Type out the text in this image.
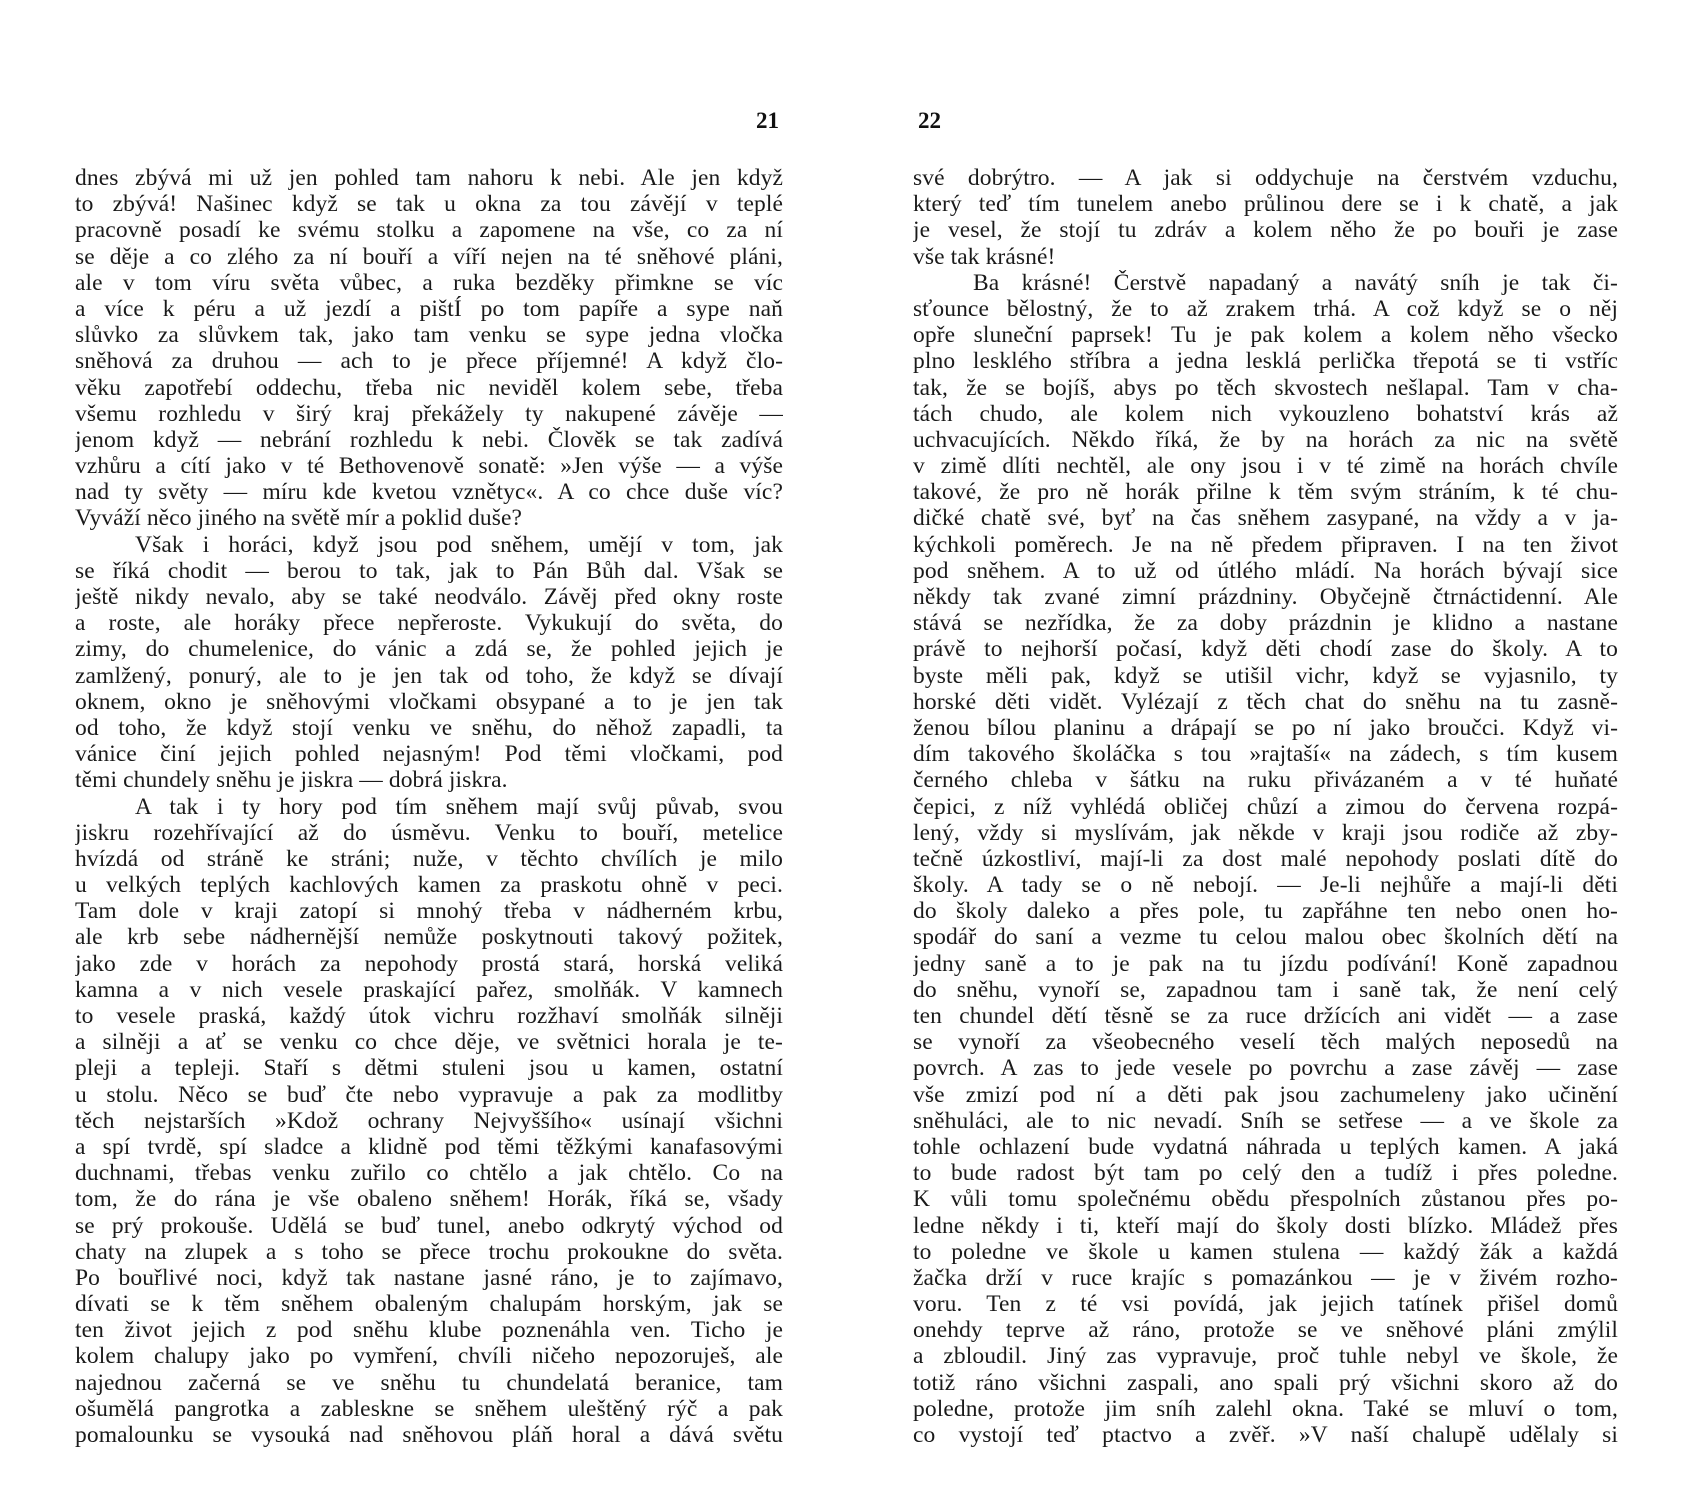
21
dnes zbývá mi už jen pohled tam nahoru k nebi. Ale jen když
to zbývá! Našinec když se tak u okna za tou závějí v teplé
pracovně posadí ke svému stolku a zapomene na vše, co za ní
se děje a co zlého za ní bouří a víří nejen na té sněhové pláni,
ale v tom víru světa vůbec, a ruka bezděky přimkne se víc
a více k péru a už jezdí a pištÍ po tom papíře a sype naň
slůvko za slůvkem tak, jako tam venku se sype jedna vločka
sněhová za druhou — ach to je přece příjemné! A když člo-
věku zapotřebí oddechu, třeba nic neviděl kolem sebe, třeba
všemu rozhledu v širý kraj překážely ty nakupené závěje —
jenom když — nebrání rozhledu k nebi. Člověk se tak zadívá
vzhůru a cítí jako v té Bethovenově sonatě: »Jen výše — a výše
nad ty světy — míru kde kvetou vznětyc«. A co chce duše víc?
Vyváží něco jiného na světě mír a poklid duše?
Však i horáci, když jsou pod sněhem, umějí v tom, jak
se říká chodit — berou to tak, jak to Pán Bůh dal. Však se
ještě nikdy nevalo, aby se také neodválo. Závěj před okny roste
a roste, ale horáky přece nepřeroste. Vykukují do světa, do
zimy, do chumelenice, do vánic a zdá se, že pohled jejich je
zamlžený, ponurý, ale to je jen tak od toho, že když se dívají
oknem, okno je sněhovými vločkami obsypané a to je jen tak
od toho, že když stojí venku ve sněhu, do něhož zapadli, ta
vánice činí jejich pohled nejasným! Pod těmi vločkami, pod
těmi chundely sněhu je jiskra — dobrá jiskra.
A tak i ty hory pod tím sněhem mají svůj půvab, svou
jiskru rozehřívající až do úsměvu. Venku to bouří, metelice
hvízdá od stráně ke stráni; nuže, v těchto chvílích je milo
u velkých teplých kachlových kamen za praskotu ohně v peci.
Tam dole v kraji zatopí si mnohý třeba v nádherném krbu,
ale krb sebe nádhernější nemůže poskytnouti takový požitek,
jako zde v horách za nepohody prostá stará, horská veliká
kamna a v nich vesele praskající pařez, smolňák. V kamnech
to vesele praská, každý útok vichru rozžhaví smolňák silněji
a silněji a ať se venku co chce děje, ve světnici horala je te-
pleji a tepleji. Staří s dětmi stuleni jsou u kamen, ostatní
u stolu. Něco se buď čte nebo vypravuje a pak za modlitby
těch nejstarších »Kdož ochrany Nejvyššího« usínají všichni
a spí tvrdě, spí sladce a klidně pod těmi těžkými kanafasovými
duchnami, třebas venku zuřilo co chtělo a jak chtělo. Co na
tom, že do rána je vše obaleno sněhem! Horák, říká se, všady
se prý prokouše. Udělá se buď tunel, anebo odkrytý východ od
chaty na zlupek a s toho se přece trochu prokoukne do světa.
Po bouřlivé noci, když tak nastane jasné ráno, je to zajímavo,
dívati se k těm sněhem obaleným chalupám horským, jak se
ten život jejich z pod sněhu klube poznenáhla ven. Ticho je
kolem chalupy jako po vymření, chvíli ničeho nepozoruješ, ale
najednou začerná se ve sněhu tu chundelatá beranice, tam
ošumělá pangrotka a zableskne se sněhem uleštěný rýč a pak
pomalounku se vysouká nad sněhovou pláň horal a dává světu
22
své dobrýtro. — A jak si oddychuje na čerstvém vzduchu,
který teď tím tunelem anebo průlinou dere se i k chatě, a jak
je vesel, že stojí tu zdráv a kolem něho že po bouři je zase
vše tak krásné!
Ba krásné! Čerstvě napadaný a navátý sníh je tak či-
sťounce bělostný, že to až zrakem trhá. A což když se o něj
opře sluneční paprsek! Tu je pak kolem a kolem něho všecko
plno lesklého stříbra a jedna lesklá perlička třepotá se ti vstříc
tak, že se bojíš, abys po těch skvostech nešlapal. Tam v cha-
tách chudo, ale kolem nich vykouzleno bohatství krás až
uchvacujících. Někdo říká, že by na horách za nic na světě
v zimě dlíti nechtěl, ale ony jsou i v té zimě na horách chvíle
takové, že pro ně horák přilne k těm svým stráním, k té chu-
dičké chatě své, byť na čas sněhem zasypané, na vždy a v ja-
kýchkoli poměrech. Je na ně předem připraven. I na ten život
pod sněhem. A to už od útlého mládí. Na horách bývají sice
někdy tak zvané zimní prázdniny. Obyčejně čtrnáctidenní. Ale
stává se nezřídka, že za doby prázdnin je klidno a nastane
právě to nejhorší počasí, když děti chodí zase do školy. A to
byste měli pak, když se utišil vichr, když se vyjasnilo, ty
horské děti vidět. Vylézají z těch chat do sněhu na tu zasně-
ženou bílou planinu a drápají se po ní jako broučci. Když vi-
dím takového školáčka s tou »rajtaší« na zádech, s tím kusem
černého chleba v šátku na ruku přivázaném a v té huňaté
čepici, z níž vyhlédá obličej chůzí a zimou do červena rozpá-
lený, vždy si myslívám, jak někde v kraji jsou rodiče až zby-
tečně úzkostliví, mají-li za dost malé nepohody poslati dítě do
školy. A tady se o ně nebojí. — Je-li nejhůře a mají-li děti
do školy daleko a přes pole, tu zapřáhne ten nebo onen ho-
spodář do saní a vezme tu celou malou obec školních dětí na
jedny saně a to je pak na tu jízdu podívání! Koně zapadnou
do sněhu, vynoří se, zapadnou tam i saně tak, že není celý
ten chundel dětí těsně se za ruce držících ani vidět — a zase
se vynoří za všeobecného veselí těch malých neposedů na
povrch. A zas to jede vesele po povrchu a zase závěj — zase
vše zmizí pod ní a děti pak jsou zachumeleny jako učinění
sněhuláci, ale to nic nevadí. Sníh se setřese — a ve škole za
tohle ochlazení bude vydatná náhrada u teplých kamen. A jaká
to bude radost být tam po celý den a tudíž i přes poledne.
K vůli tomu společnému obědu přespolních zůstanou přes po-
ledne někdy i ti, kteří mají do školy dosti blízko. Mládež přes
to poledne ve škole u kamen stulena — každý žák a každá
žačka drží v ruce krajíc s pomazánkou — je v živém rozho-
voru. Ten z té vsi povídá, jak jejich tatínek přišel domů
onehdy teprve až ráno, protože se ve sněhové pláni zmýlil
a zbloudil. Jiný zas vypravuje, proč tuhle nebyl ve škole, že
totiž ráno všichni zaspali, ano spali prý všichni skoro až do
poledne, protože jim sníh zalehl okna. Také se mluví o tom,
co vystojí teď ptactvo a zvěř. »V naší chalupě udělaly si
